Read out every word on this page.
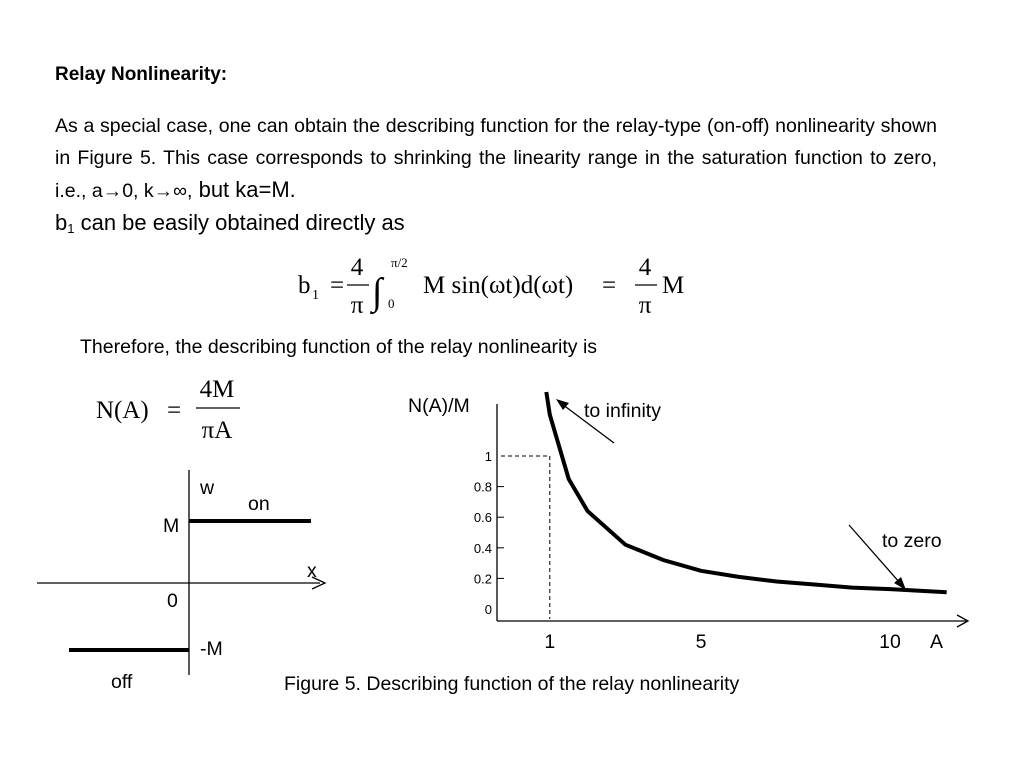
Relay Nonlinearity:
As a special case, one can obtain the describing function for the relay-type (on-off) nonlinearity shown in Figure 5. This case corresponds to shrinking the linearity range in the saturation function to zero, i.e., a→0, k→∞, but ka=M.
$b_1$ can be easily obtained directly as
b 1 =
4
π ∫
π/2
0
M sin(ωt)d(ωt) =
4
π
M
Therefore, the describing function of the relay nonlinearity is
N(A) =
4M
πA
w
on
M
x
0
-M
off
0
0.2
0.4
0.6
0.8
1
1	5	10
N(A)/M
A
to infinity
to zero
Figure 5. Describing function of the relay nonlinearity
